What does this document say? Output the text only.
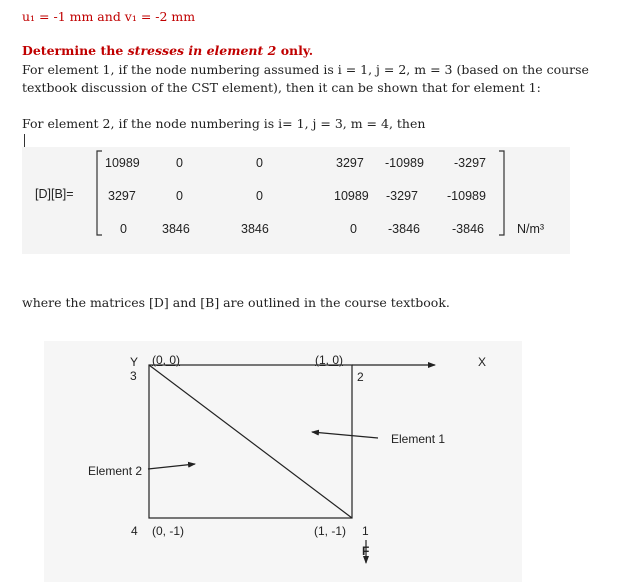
u₁ = -1 mm and v₁ = -2 mm
Determine the stresses in element 2 only.
For element 1, if the node numbering assumed is i = 1, j = 2, m = 3 (based on the course
textbook discussion of the CST element), then it can be shown that for element 1:
For element 2, if the node numbering is i= 1, j = 3, m = 4, then
[D][B]=
10989	0	0	3297 -10989 -3297
3297	0	0	10989 -3297 -10989
0	3846	3846	0 -3846	-3846	N/m³
where the matrices [D] and [B] are outlined in the course textbook.
Y
3
(0, 0)	(1, 0)
2
X
Element 1
Element 2
4 (0, -1)	(1, -1) 1
F
